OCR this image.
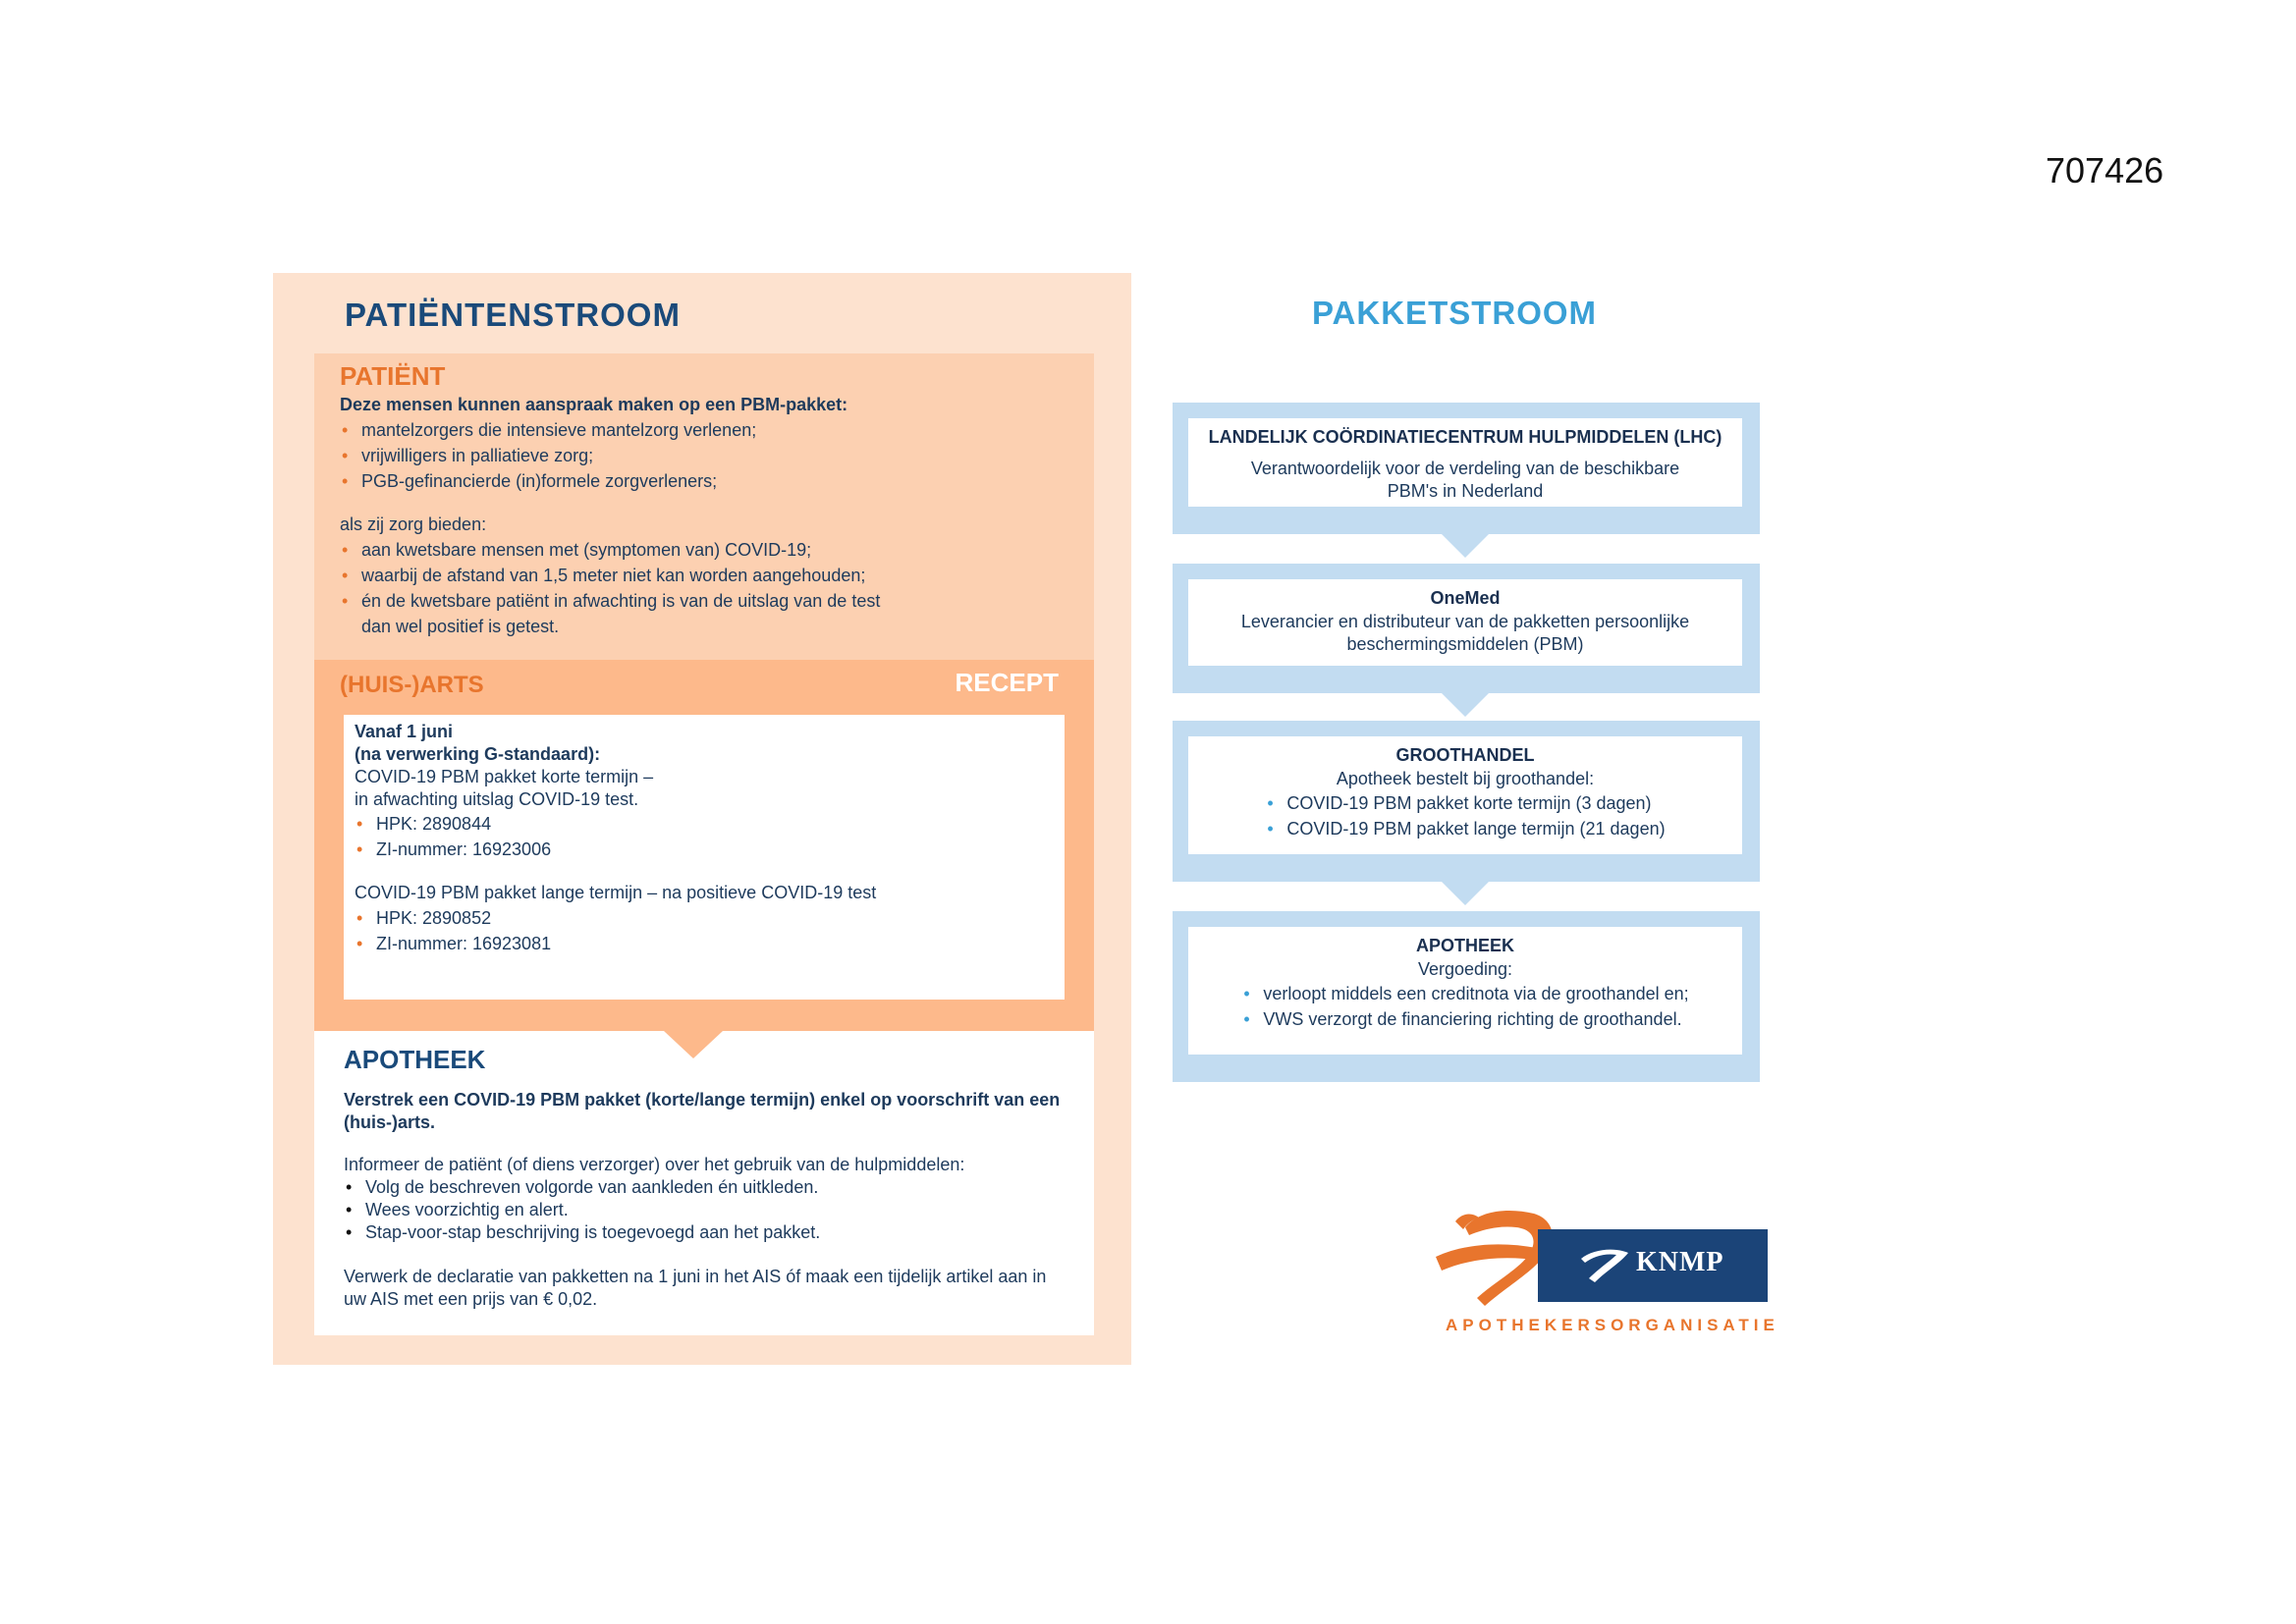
707426
PATIËNTENSTROOM
PATIËNT
Deze mensen kunnen aanspraak maken op een PBM-pakket:
• mantelzorgers die intensieve mantelzorg verlenen;
• vrijwilligers in palliatieve zorg;
• PGB-gefinancierde (in)formele zorgverleners;
als zij zorg bieden:
• aan kwetsbare mensen met (symptomen van) COVID-19;
• waarbij de afstand van 1,5 meter niet kan worden aangehouden;
• én de kwetsbare patiënt in afwachting is van de uitslag van de test
dan wel positief is getest.
(HUIS-)ARTS	RECEPT
Vanaf 1 juni
(na verwerking G-standaard):
COVID-19 PBM pakket korte termijn –
in afwachting uitslag COVID-19 test.
• HPK: 2890844
• ZI-nummer: 16923006
COVID-19 PBM pakket lange termijn – na positieve COVID-19 test
• HPK: 2890852
• ZI-nummer: 16923081
APOTHEEK
Verstrek een COVID-19 PBM pakket (korte/lange termijn) enkel op voorschrift van een (huis-)arts.
Informeer de patiënt (of diens verzorger) over het gebruik van de hulpmiddelen:
• Volg de beschreven volgorde van aankleden én uitkleden.
• Wees voorzichtig en alert.
• Stap-voor-stap beschrijving is toegevoegd aan het pakket.
Verwerk de declaratie van pakketten na 1 juni in het AIS óf maak een tijdelijk artikel aan in uw AIS met een prijs van € 0,02.
PAKKETSTROOM
LANDELIJK COÖRDINATIECENTRUM HULPMIDDELEN (LHC)
Verantwoordelijk voor de verdeling van de beschikbare
PBM's in Nederland
OneMed
Leverancier en distributeur van de pakketten persoonlijke
beschermingsmiddelen (PBM)
GROOTHANDEL
Apotheek bestelt bij groothandel:
• COVID-19 PBM pakket korte termijn (3 dagen)
• COVID-19 PBM pakket lange termijn (21 dagen)
APOTHEEK
Vergoeding:
• verloopt middels een creditnota via de groothandel en;
• VWS verzorgt de financiering richting de groothandel.
KNMP
APOTHEKERSORGANISATIE
